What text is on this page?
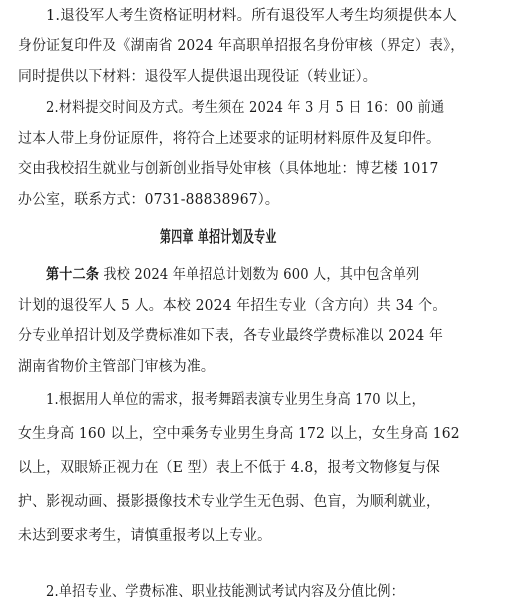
1.退役军人考生资格证明材料。所有退役军人考生均须提供本人
身份证复印件及《湖南省 2024 年高职单招报名身份审核（界定）表》，
同时提供以下材料：退役军人提供退出现役证（转业证）。
2.材料提交时间及方式。考生须在 2024 年 3 月 5 日 16：00 前通
过本人带上身份证原件，将符合上述要求的证明材料原件及复印件。
交由我校招生就业与创新创业指导处审核（具体地址：博艺楼 1017
办公室，联系方式：0731-88838967）。
第四章 单招计划及专业
第十二条 我校 2024 年单招总计划数为 600 人，其中包含单列
计划的退役军人 5 人。本校 2024 年招生专业（含方向）共 34 个。
分专业单招计划及学费标准如下表，各专业最终学费标准以 2024 年
湖南省物价主管部门审核为准。
1.根据用人单位的需求，报考舞蹈表演专业男生身高 170 以上，
女生身高 160 以上，空中乘务专业男生身高 172 以上，女生身高 162
以上，双眼矫正视力在（E 型）表上不低于 4.8，报考文物修复与保
护、影视动画、摄影摄像技术专业学生无色弱、色盲，为顺利就业，
未达到要求考生，请慎重报考以上专业。
2.单招专业、学费标准、职业技能测试考试内容及分值比例：
